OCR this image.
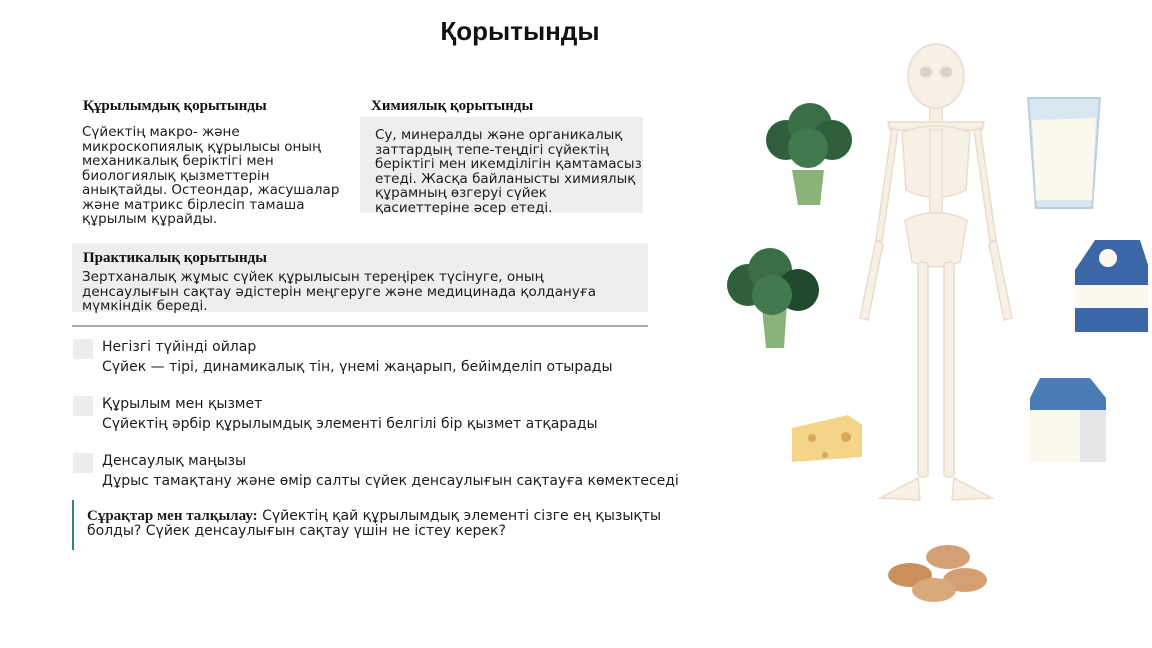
Қорытынды
Құрылымдық қорытынды
Сүйектің макро- және микроскопиялық құрылысы оның механикалық беріктігі мен биологиялық қызметтерін анықтайды. Остеондар, жасушалар және матрикс бірлесіп тамаша құрылым құрайды.
Химиялық қорытынды
Су, минералды және органикалық заттардың тепе-теңдігі сүйектің беріктігі мен икемділігін қамтамасыз етеді. Жасқа байланысты химиялық құрамның өзгеруі сүйек қасиеттеріне әсер етеді.
Практикалық қорытынды
Зертханалық жұмыс сүйек құрылысын тереңірек түсінуге, оның денсаулығын сақтау әдістерін меңгеруге және медицинада қолдануға мүмкіндік береді.
Негізгі түйінді ойлар
Сүйек — тірі, динамикалық тін, үнемі жаңарып, бейімделіп отырады
Құрылым мен қызмет
Сүйектің әрбір құрылымдық элементі белгілі бір қызмет атқарады
Денсаулық маңызы
Дұрыс тамақтану және өмір салты сүйек денсаулығын сақтауға көмектеседі
Сұрақтар мен талқылау: Сүйектің қай құрылымдық элементі сізге ең қызықты болды? Сүйек денсаулығын сақтау үшін не істеу керек?
